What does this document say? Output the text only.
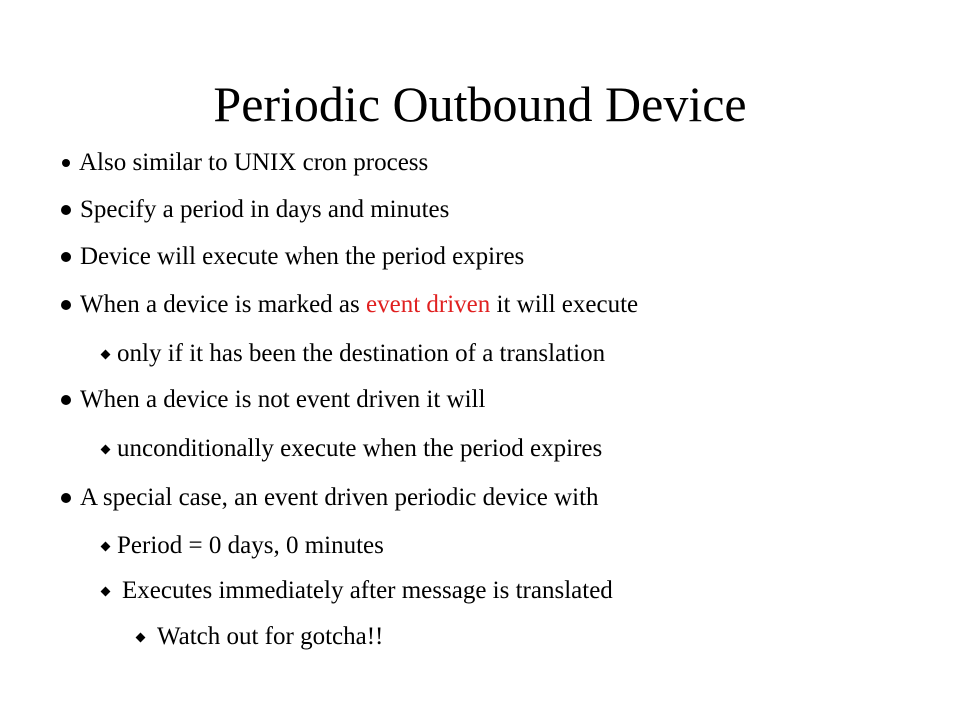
Periodic Outbound Device
Also similar to UNIX cron process
Specify a period in days and minutes
Device will execute when the period expires
When a device is marked as event driven it will execute
only if it has been the destination of a translation
When a device is not event driven it will
unconditionally execute when the period expires
A special case, an event driven periodic device with
Period = 0 days, 0 minutes
Executes immediately after message is translated
Watch out for gotcha!!
